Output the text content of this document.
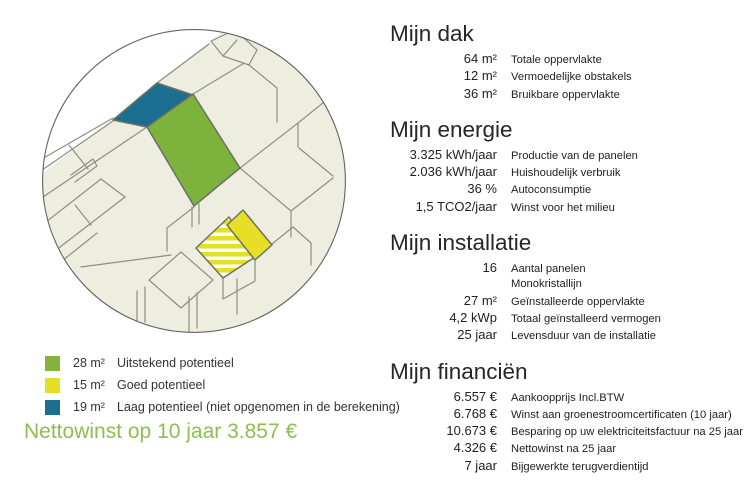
28 m² Uitstekend potentieel
15 m² Goed potentieel
19 m² Laag potentieel (niet opgenomen in de berekening)
Nettowinst op 10 jaar 3.857 €
Mijn dak
64 m² Totale oppervlakte
12 m² Vermoedelijke obstakels
36 m² Bruikbare oppervlakte
Mijn energie
3.325 kWh/jaar Productie van de panelen
2.036 kWh/jaar Huishoudelijk verbruik
36 % Autoconsumptie
1,5 TCO2/jaar Winst voor het milieu
Mijn installatie
16 Aantal panelen
Monokristallijn
27 m² Geïnstalleerde oppervlakte
4,2 kWp Totaal geïnstalleerd vermogen
25 jaar Levensduur van de installatie
Mijn financiën
6.557 € Aankoopprijs Incl.BTW
6.768 € Winst aan groenestroomcertificaten (10 jaar)
10.673 € Besparing op uw elektriciteitsfactuur na 25 jaar
4.326 € Nettowinst na 25 jaar
7 jaar Bijgewerkte terugverdientijd
